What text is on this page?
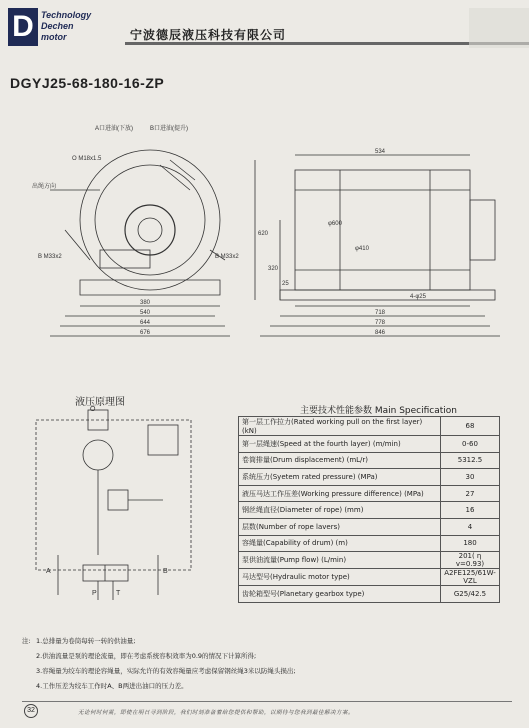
D Technology
Dechen
motor	宁波德辰液压科技有限公司
DGYJ25-68-180-16-ZP
A口进油(下放)	B口进油(提升)
O M18x1.5
出绳方向
B M33x2	B M33x2
380
540
644
676
620
320
534
718
778
846
φ600
φ410
4-φ25
25
液压原理图
O
A	B
P	T
主要技术性能参数 Main Specification
第一层工作拉力(Rated working pull on the first layer) (kN)	68
第一层绳速(Speed at the fourth layer) (m/min)	0-60
卷筒排量(Drum displacement) (mL/r)	5312.5
系统压力(Syetem rated pressure) (MPa)	30
液压马达工作压差(Working pressure difference) (MPa)	27
钢丝绳直径(Diameter of rope) (mm)	16
层数(Number of rope lavers)	4
容绳量(Capability of drum) (m)	180
泵供油流量(Pump flow) (L/min)	201( η v=0.93)
马达型号(Hydraulic motor type)	A2FE125/61W-VZL
齿轮箱型号(Planetary gearbox type)	G25/42.5
注: 1.总排量为卷筒每转一转的供油量;
2.供油流量是泵的理论流量，即在考虑系统容积效率为0.9的情况下计算所得;
3.容绳量为绞车的理论容绳量，实际允许的有效容绳量应考虑保留钢丝绳3米以防绳头损出;
4.工作压差为绞车工作时A、B两进出油口的压力差。
32	无论何时何需，即使在明日寻到阶段，我们时刻准备着给您提供和帮助，以期待与您我到最佳解决方案。
